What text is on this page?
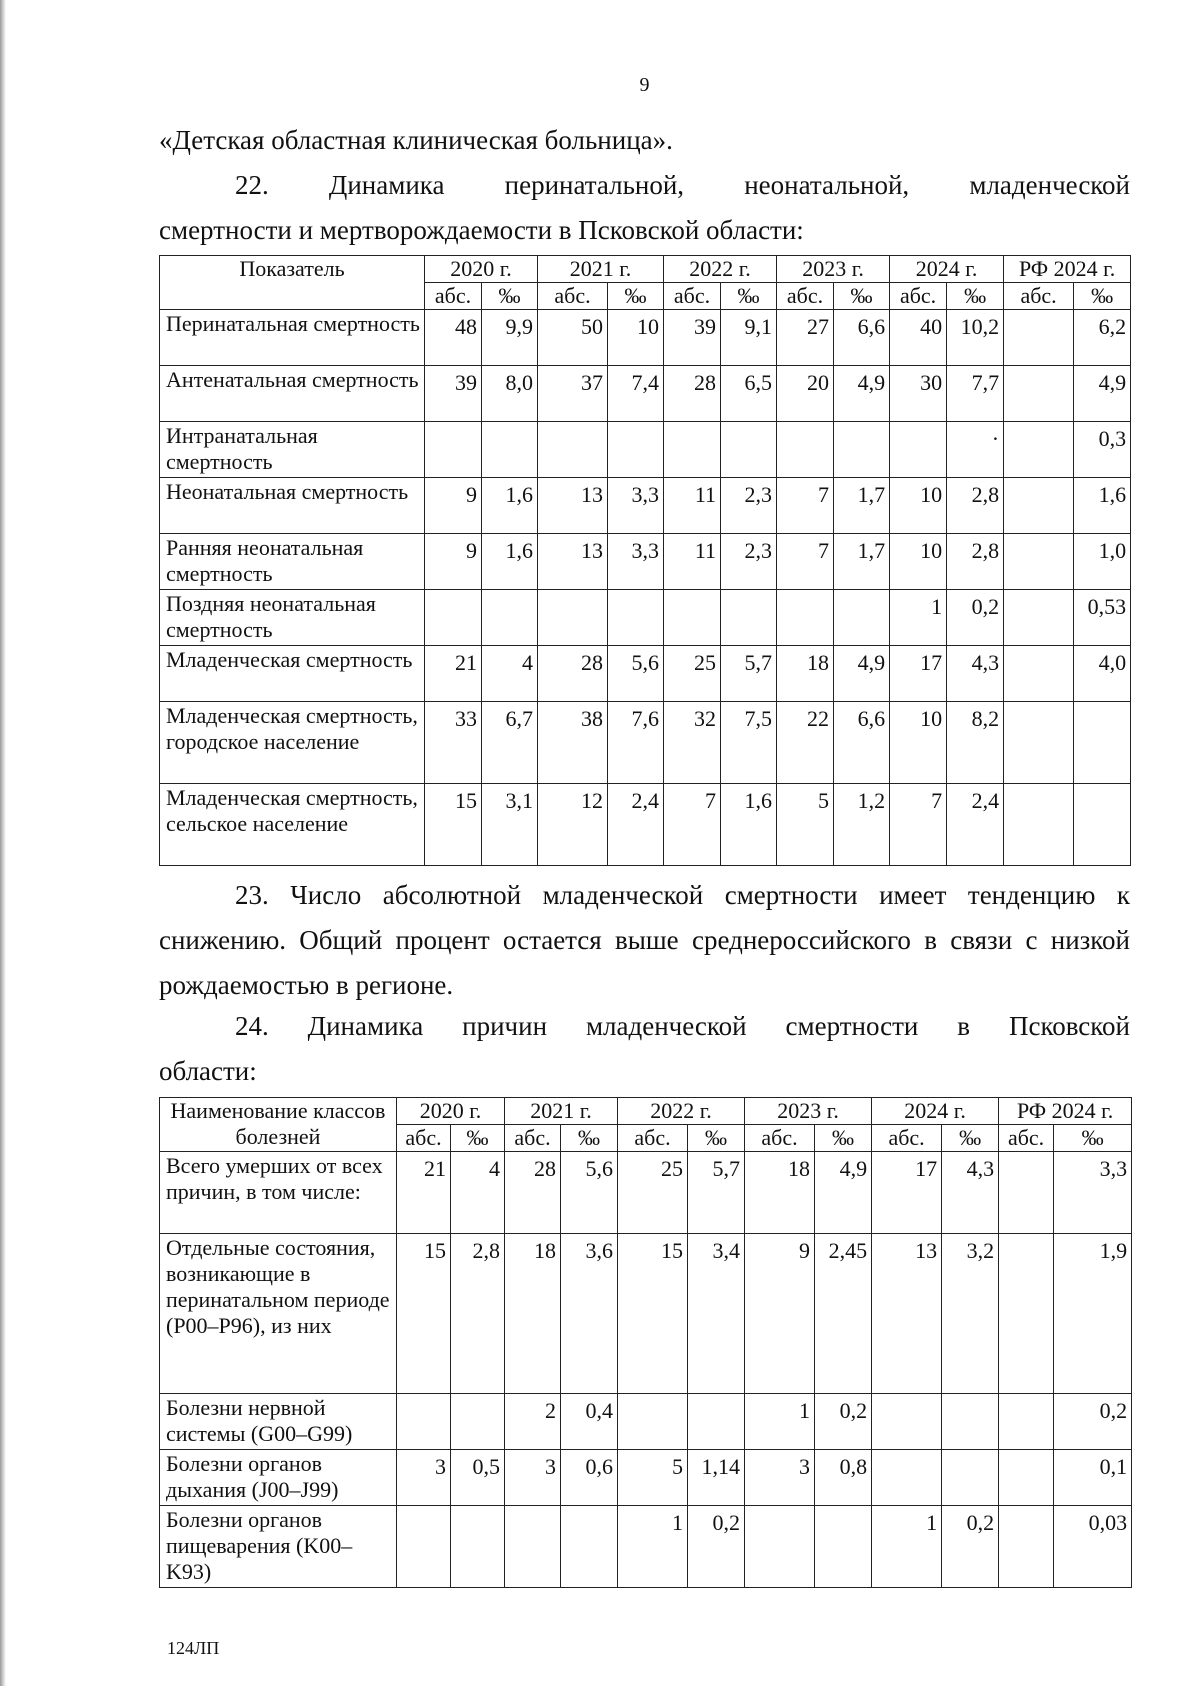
9
«Детская областная клиническая больница».
22. Динамика перинатальной, неонатальной, младенческой
смертности и мертворождаемости в Псковской области:
Показатель	2020 г.		2021 г.		2022 г.		2023 г.		2024 г.		РФ 2024 г.	
	абс.	‰	абс.	‰	абс.	‰	абс.	‰	абс.	‰	абс.	‰
Перинатальная смертность	48	9,9	50	10	39	9,1	27	6,6	40	10,2		6,2
Антенатальная смертность	39	8,0	37	7,4	28	6,5	20	4,9	30	7,7		4,9
Интранатальная смертность										·		0,3
Неонатальная смертность	9	1,6	13	3,3	11	2,3	7	1,7	10	2,8		1,6
Ранняя неонатальная смертность	9	1,6	13	3,3	11	2,3	7	1,7	10	2,8		1,0
Поздняя неонатальная смертность									1	0,2		0,53
Младенческая смертность	21	4	28	5,6	25	5,7	18	4,9	17	4,3		4,0
Младенческая смертность, городское население	33	6,7	38	7,6	32	7,5	22	6,6	10	8,2		
Младенческая смертность, сельское население	15	3,1	12	2,4	7	1,6	5	1,2	7	2,4		
23. Число абсолютной младенческой смертности имеет тенденцию к снижению. Общий процент остается выше среднероссийского в связи с низкой рождаемостью в регионе.
24. Динамика причин младенческой смертности в Псковской
области:
Наименование классов болезней	2020 г.		2021 г.		2022 г.		2023 г.		2024 г.		РФ 2024 г.	
	абс.	‰	абс.	‰	абс.	‰	абс.	‰	абс.	‰	абс.	‰
Всего умерших от всех причин, в том числе:	21	4	28	5,6	25	5,7	18	4,9	17	4,3		3,3
Отдельные состояния, возникающие в перинатальном периоде (P00–P96), из них	15	2,8	18	3,6	15	3,4	9	2,45	13	3,2		1,9
Болезни нервной системы (G00–G99)			2	0,4			1	0,2				0,2
Болезни органов дыхания (J00–J99)	3	0,5	3	0,6	5	1,14	3	0,8				0,1
Болезни органов пищеварения (K00– K93)					1	0,2			1	0,2		0,03
124ЛП
